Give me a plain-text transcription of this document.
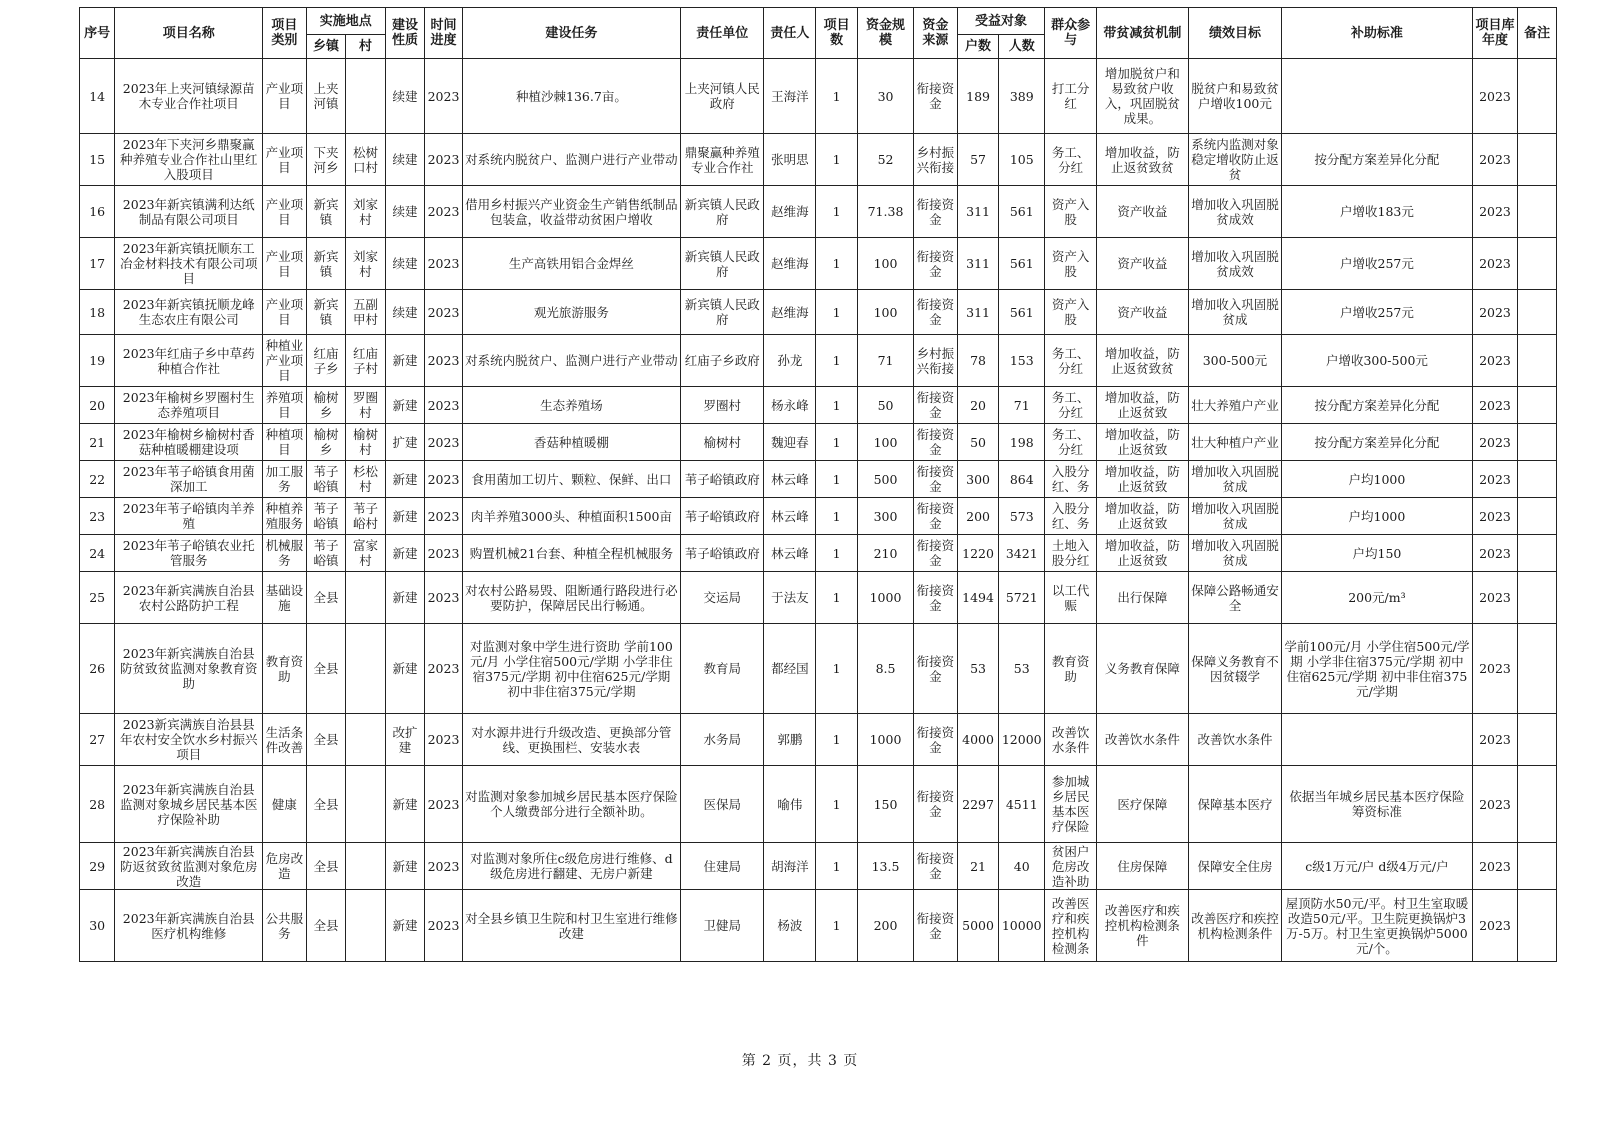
序号	项目名称	项目类别	实施地点		建设性质	时间进度	建设任务	责任单位	责任人	项目数	资金规模	资金来源	受益对象		群众参与	带贫减贫机制	绩效目标	补助标准	项目库年度	备注
			乡镇	村									户数	人数						
14	2023年上夹河镇绿源苗木专业合作社项目	产业项目	上夹河镇		续建	2023	种植沙棘136.7亩。	上夹河镇人民政府	王海洋	1	30	衔接资金	189	389	打工分红	增加脱贫户和易致贫户收入，巩固脱贫成果。	脱贫户和易致贫户增收100元		2023	
15	2023年下夹河乡鼎聚赢种养殖专业合作社山里红入股项目	产业项目	下夹河乡	松树口村	续建	2023	对系统内脱贫户、监测户进行产业带动	鼎聚赢种养殖专业合作社	张明思	1	52	乡村振兴衔接	57	105	务工、分红	增加收益，防止返贫致贫	系统内监测对象稳定增收防止返贫	按分配方案差异化分配	2023	
16	2023年新宾镇满利达纸制品有限公司项目	产业项目	新宾镇	刘家村	续建	2023	借用乡村振兴产业资金生产销售纸制品包装盒，收益带动贫困户增收	新宾镇人民政府	赵维海	1	71.38	衔接资金	311	561	资产入股	资产收益	增加收入巩固脱贫成效	户增收183元	2023	
17	2023年新宾镇抚顺东工冶金材料技术有限公司项目	产业项目	新宾镇	刘家村	续建	2023	生产高铁用铝合金焊丝	新宾镇人民政府	赵维海	1	100	衔接资金	311	561	资产入股	资产收益	增加收入巩固脱贫成效	户增收257元	2023	
18	2023年新宾镇抚顺龙峰生态农庄有限公司	产业项目	新宾镇	五副甲村	续建	2023	观光旅游服务	新宾镇人民政府	赵维海	1	100	衔接资金	311	561	资产入股	资产收益	增加收入巩固脱贫成	户增收257元	2023	
19	2023年红庙子乡中草药种植合作社	种植业产业项目	红庙子乡	红庙子村	新建	2023	对系统内脱贫户、监测户进行产业带动	红庙子乡政府	孙龙	1	71	乡村振兴衔接	78	153	务工、分红	增加收益，防止返贫致贫	300-500元	户增收300-500元	2023	
20	2023年榆树乡罗圈村生态养殖项目	养殖项目	榆树乡	罗圈村	新建	2023	生态养殖场	罗圈村	杨永峰	1	50	衔接资金	20	71	务工、分红	增加收益，防止返贫致	壮大养殖户产业	按分配方案差异化分配	2023	
21	2023年榆树乡榆树村香菇种植暖棚建设项	种植项目	榆树乡	榆树村	扩建	2023	香菇种植暖棚	榆树村	魏迎春	1	100	衔接资金	50	198	务工、分红	增加收益，防止返贫致	壮大种植户产业	按分配方案差异化分配	2023	
22	2023年苇子峪镇食用菌深加工	加工服务	苇子峪镇	杉松村	新建	2023	食用菌加工切片、颗粒、保鲜、出口	苇子峪镇政府	林云峰	1	500	衔接资金	300	864	入股分红、务	增加收益，防止返贫致	增加收入巩固脱贫成	户均1000	2023	
23	2023年苇子峪镇肉羊养殖	种植养殖服务	苇子峪镇	苇子峪村	新建	2023	肉羊养殖3000头、种植面积1500亩	苇子峪镇政府	林云峰	1	300	衔接资金	200	573	入股分红、务	增加收益，防止返贫致	增加收入巩固脱贫成	户均1000	2023	
24	2023年苇子峪镇农业托管服务	机械服务	苇子峪镇	富家村	新建	2023	购置机械21台套、种植全程机械服务	苇子峪镇政府	林云峰	1	210	衔接资金	1220	3421	土地入股分红	增加收益，防止返贫致	增加收入巩固脱贫成	户均150	2023	
25	2023年新宾满族自治县农村公路防护工程	基础设施	全县		新建	2023	对农村公路易毁、阻断通行路段进行必要防护，保障居民出行畅通。	交运局	于法友	1	1000	衔接资金	1494	5721	以工代赈	出行保障	保障公路畅通安全	200元/m³	2023	
26	2023年新宾满族自治县防贫致贫监测对象教育资助	教育资助	全县		新建	2023	对监测对象中学生进行资助 学前100元/月 小学住宿500元/学期 小学非住宿375元/学期 初中住宿625元/学期 初中非住宿375元/学期	教育局	都经国	1	8.5	衔接资金	53	53	教育资助	义务教育保障	保障义务教育不因贫辍学	学前100元/月 小学住宿500元/学期 小学非住宿375元/学期 初中住宿625元/学期 初中非住宿375元/学期	2023	
27	2023新宾满族自治县县年农村安全饮水乡村振兴项目	生活条件改善	全县		改扩建	2023	对水源井进行升级改造、更换部分管线、更换围栏、安装水表	水务局	郭鹏	1	1000	衔接资金	4000	12000	改善饮水条件	改善饮水条件	改善饮水条件		2023	
28	2023年新宾满族自治县监测对象城乡居民基本医疗保险补助	健康	全县		新建	2023	对监测对象参加城乡居民基本医疗保险个人缴费部分进行全额补助。	医保局	喻伟	1	150	衔接资金	2297	4511	参加城乡居民基本医疗保险	医疗保障	保障基本医疗	依据当年城乡居民基本医疗保险筹资标准	2023	
29	2023年新宾满族自治县防返贫致贫监测对象危房改造	危房改造	全县		新建	2023	对监测对象所住c级危房进行维修、d级危房进行翻建、无房户新建	住建局	胡海洋	1	13.5	衔接资金	21	40	贫困户危房改造补助	住房保障	保障安全住房	c级1万元/户 d级4万元/户	2023	
30	2023年新宾满族自治县医疗机构维修	公共服务	全县		新建	2023	对全县乡镇卫生院和村卫生室进行维修改建	卫健局	杨波	1	200	衔接资金	5000	10000	改善医疗和疾控机构检测条	改善医疗和疾控机构检测条件	改善医疗和疾控机构检测条件	屋顶防水50元/平。村卫生室取暖改造50元/平。卫生院更换锅炉3万-5万。村卫生室更换锅炉5000元/个。	2023	
第 2 页，共 3 页
